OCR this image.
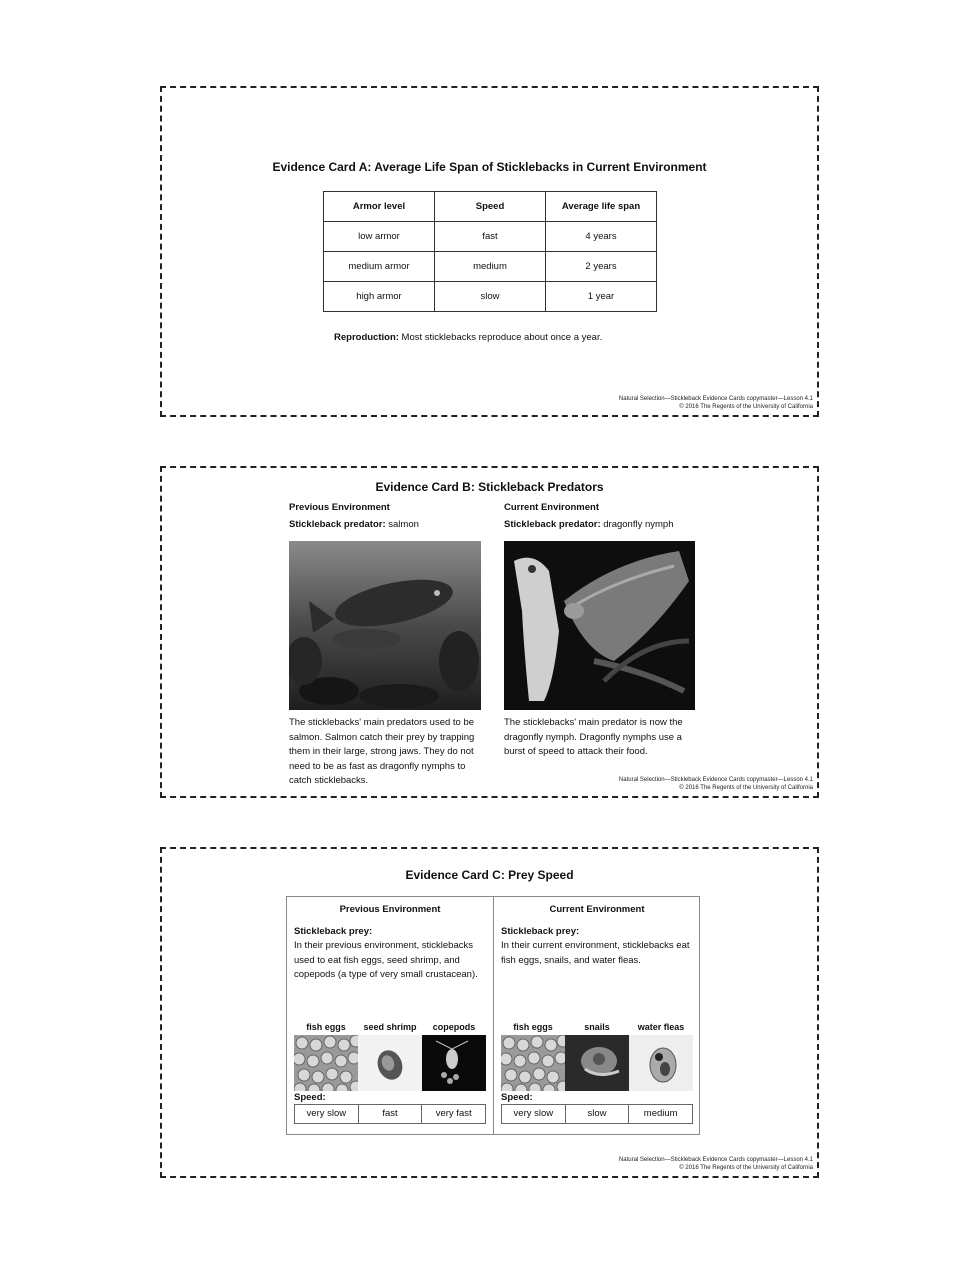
Evidence Card A: Average Life Span of Sticklebacks in Current Environment
Armor level	Speed	Average life span
low armor	fast	4 years
medium armor	medium	2 years
high armor	slow	1 year
Reproduction: Most sticklebacks reproduce about once a year.
Natural Selection—Stickleback Evidence Cards copymaster—Lesson 4.1
© 2016 The Regents of the University of California
Evidence Card B: Stickleback Predators
Previous Environment
Stickleback predator: salmon
The sticklebacks' main predators used to be salmon. Salmon catch their prey by trapping them in their large, strong jaws. They do not need to be as fast as dragonfly nymphs to catch sticklebacks.
Current Environment
Stickleback predator: dragonfly nymph
The sticklebacks' main predator is now the dragonfly nymph. Dragonfly nymphs use a burst of speed to attack their food.
Natural Selection—Stickleback Evidence Cards copymaster—Lesson 4.1
© 2016 The Regents of the University of California
Evidence Card C: Prey Speed
Previous Environment
Stickleback prey:
In their previous environment, sticklebacks used to eat fish eggs, seed shrimp, and copepods (a type of very small crustacean).
fish eggs	seed shrimp	copepods
Speed:
very slow	fast	very fast
Current Environment
Stickleback prey:
In their current environment, sticklebacks eat fish eggs, snails, and water fleas.
fish eggs	snails	water fleas
Speed:
very slow	slow	medium
Natural Selection—Stickleback Evidence Cards copymaster—Lesson 4.1
© 2016 The Regents of the University of California
